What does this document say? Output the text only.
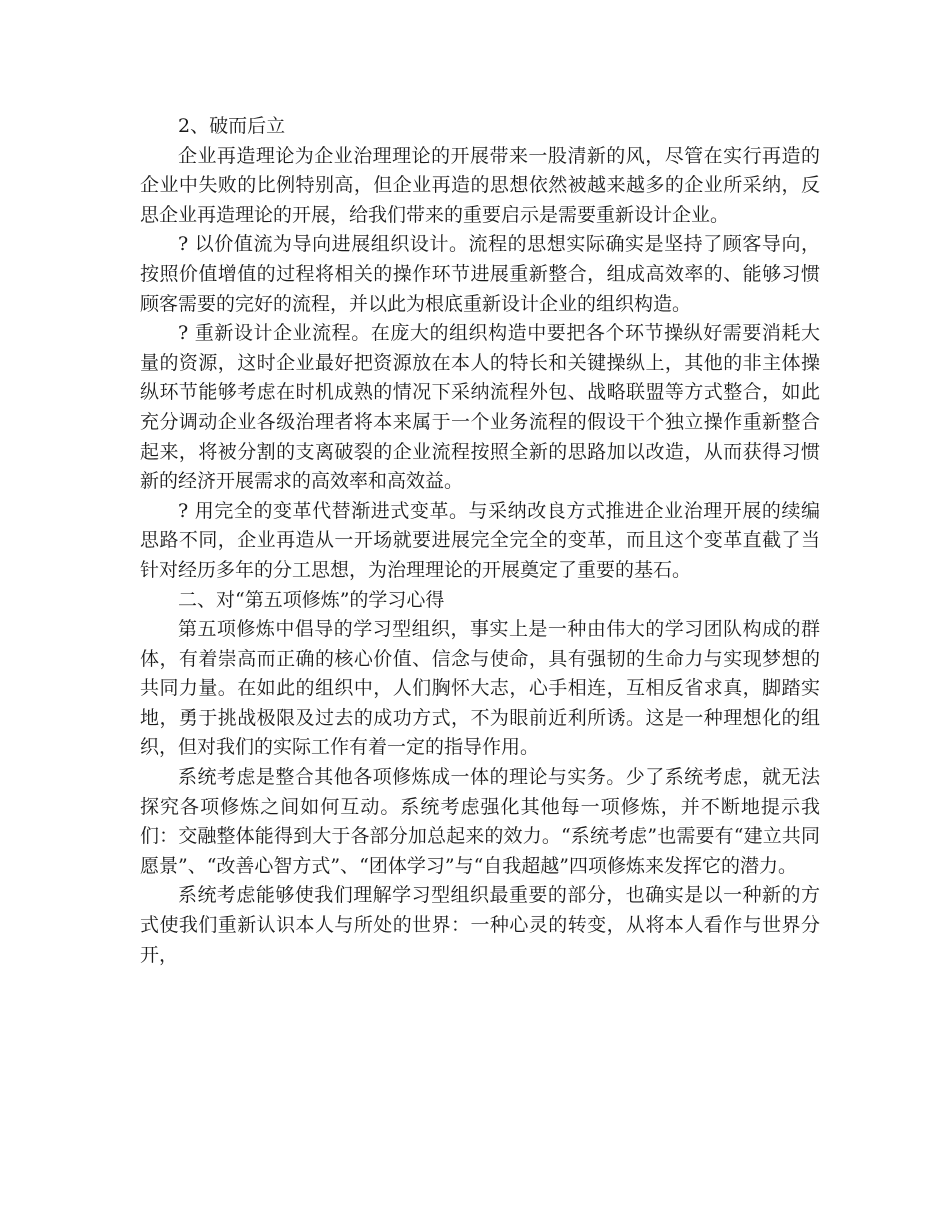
2、破而后立

企业再造理论为企业治理理论的开展带来一股清新的风，尽管在实行再造的企业中失败的比例特别高，但企业再造的思想依然被越来越多的企业所采纳，反思企业再造理论的开展，给我们带来的重要启示是需要重新设计企业。

? 以价值流为导向进展组织设计。流程的思想实际确实是坚持了顾客导向，按照价值增值的过程将相关的操作环节进展重新整合，组成高效率的、能够习惯顾客需要的完好的流程，并以此为根底重新设计企业的组织构造。

? 重新设计企业流程。在庞大的组织构造中要把各个环节操纵好需要消耗大量的资源，这时企业最好把资源放在本人的特长和关键操纵上，其他的非主体操纵环节能够考虑在时机成熟的情况下采纳流程外包、战略联盟等方式整合，如此充分调动企业各级治理者将本来属于一个业务流程的假设干个独立操作重新整合起来，将被分割的支离破裂的企业流程按照全新的思路加以改造，从而获得习惯新的经济开展需求的高效率和高效益。

? 用完全的变革代替渐进式变革。与采纳改良方式推进企业治理开展的续编思路不同，企业再造从一开场就要进展完全完全的变革，而且这个变革直截了当针对经历多年的分工思想，为治理理论的开展奠定了重要的基石。

二、对“第五项修炼”的学习心得

第五项修炼中倡导的学习型组织，事实上是一种由伟大的学习团队构成的群体，有着崇高而正确的核心价值、信念与使命，具有强韧的生命力与实现梦想的共同力量。在如此的组织中，人们胸怀大志，心手相连，互相反省求真，脚踏实地，勇于挑战极限及过去的成功方式，不为眼前近利所诱。这是一种理想化的组织，但对我们的实际工作有着一定的指导作用。

系统考虑是整合其他各项修炼成一体的理论与实务。少了系统考虑，就无法探究各项修炼之间如何互动。系统考虑强化其他每一项修炼，并不断地提示我们：交融整体能得到大于各部分加总起来的效力。“系统考虑”也需要有“建立共同愿景”、“改善心智方式”、“团体学习”与“自我超越”四项修炼来发挥它的潜力。

系统考虑能够使我们理解学习型组织最重要的部分，也确实是以一种新的方式使我们重新认识本人与所处的世界：一种心灵的转变，从将本人看作与世界分开，
